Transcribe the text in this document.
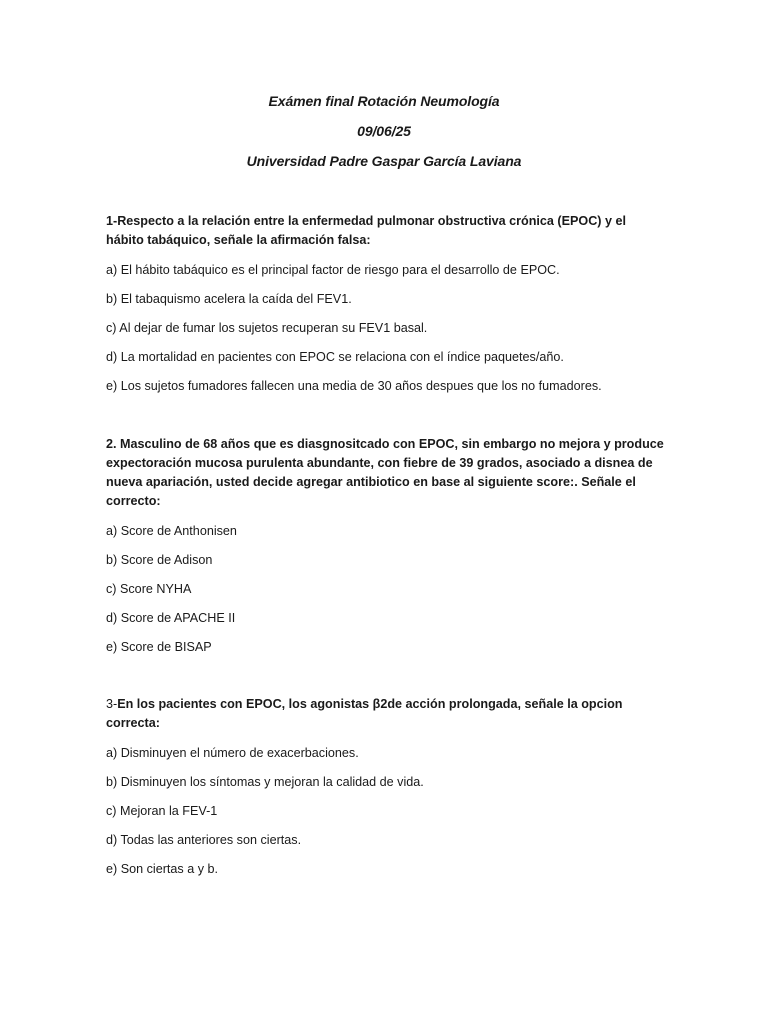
Exámen final Rotación Neumología
09/06/25
Universidad Padre Gaspar García Laviana

1-Respecto a la relación entre la enfermedad pulmonar obstructiva crónica (EPOC) y el hábito tabáquico, señale la afirmación falsa:

a) El hábito tabáquico es el principal factor de riesgo para el desarrollo de EPOC.
b) El tabaquismo acelera la caída del FEV1.
c) Al dejar de fumar los sujetos recuperan su FEV1 basal.
d) La mortalidad en pacientes con EPOC se relaciona con el índice paquetes/año.
e) Los sujetos fumadores fallecen una media de 30 años despues que los no fumadores.

2. Masculino de 68 años que es diasgnositcado con EPOC, sin embargo no mejora y produce expectoración mucosa purulenta abundante, con fiebre de 39 grados, asociado a disnea de nueva apariación, usted decide agregar antibiotico en base al siguiente score:. Señale el correcto:

a) Score de Anthonisen
b) Score de Adison
c) Score NYHA
d) Score de APACHE II
e) Score de BISAP

3-En los pacientes con EPOC, los agonistas β2de acción prolongada, señale la opcion correcta:

a) Disminuyen el número de exacerbaciones.
b) Disminuyen los síntomas y mejoran la calidad de vida.
c) Mejoran la FEV-1
d) Todas las anteriores son ciertas.
e) Son ciertas a y b.
